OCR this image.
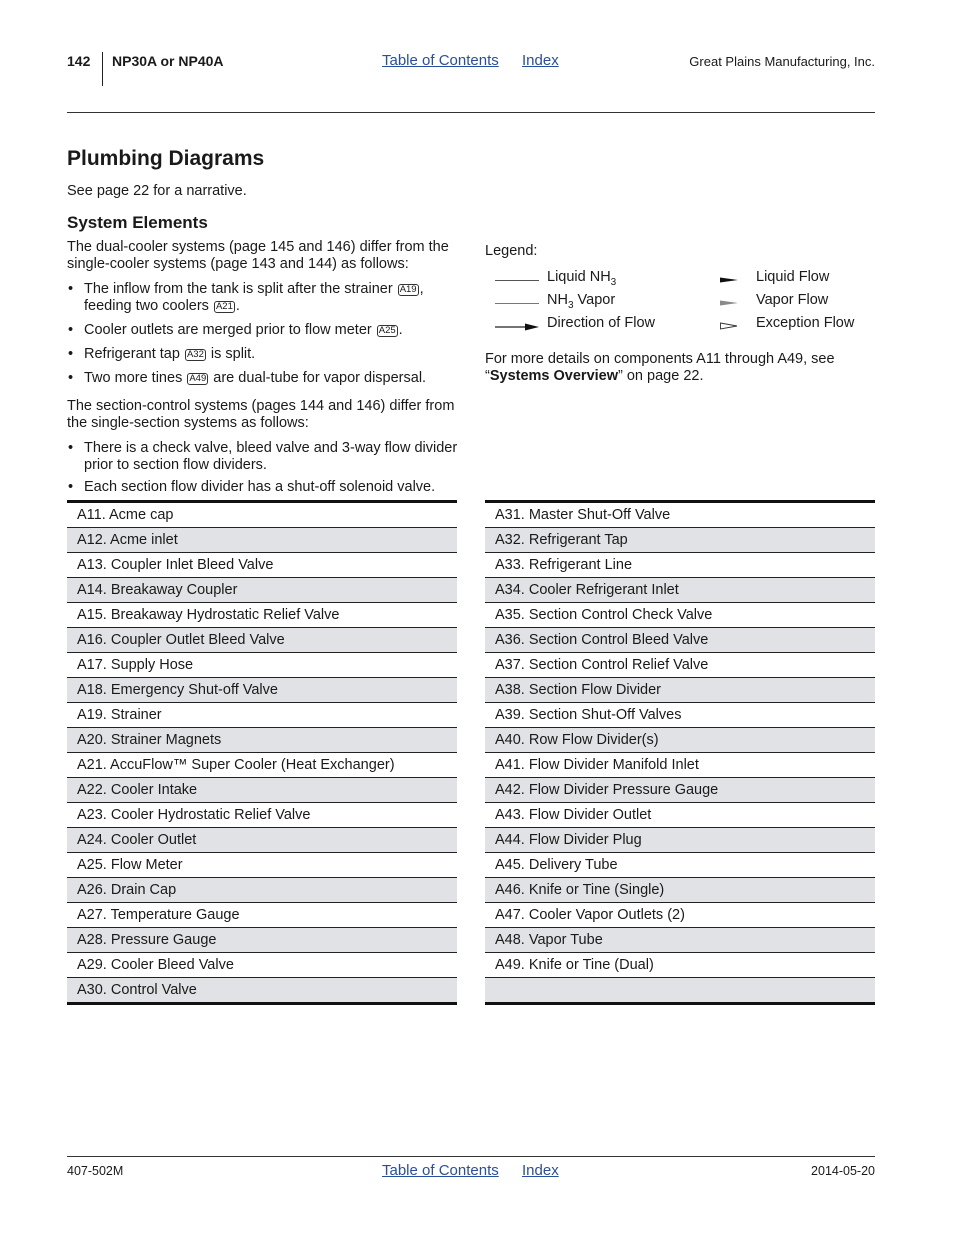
142 NP30A or NP40A	Table of Contents Index	Great Plains Manufacturing, Inc.
Plumbing Diagrams
See page 22 for a narrative.
System Elements
The dual-cooler systems (page 145 and 146) differ from the single-cooler systems (page 143 and 144) as follows:
• The inflow from the tank is split after the strainer A19 , feeding two coolers A21 .
• Cooler outlets are merged prior to flow meter A25 .
• Refrigerant tap A32 is split.
• Two more tines A49 are dual-tube for vapor dispersal.
The section-control systems (pages 144 and 146) differ from the single-section systems as follows:
• There is a check valve, bleed valve and 3-way flow divider prior to section flow dividers.
• Each section flow divider has a shut-off solenoid valve.
Legend:
Liquid $NH_3$
$NH_3$ Vapor
Direction of Flow
Liquid Flow
Vapor Flow
Exception Flow
For more details on components A11 through A49, see “Systems Overview” on page 22.
A11. Acme cap
A12. Acme inlet
A13. Coupler Inlet Bleed Valve
A14. Breakaway Coupler
A15. Breakaway Hydrostatic Relief Valve
A16. Coupler Outlet Bleed Valve
A17. Supply Hose
A18. Emergency Shut-off Valve
A19. Strainer
A20. Strainer Magnets
A21. AccuFlow™ Super Cooler (Heat Exchanger)
A22. Cooler Intake
A23. Cooler Hydrostatic Relief Valve
A24. Cooler Outlet
A25. Flow Meter
A26. Drain Cap
A27. Temperature Gauge
A28. Pressure Gauge
A29. Cooler Bleed Valve
A30. Control Valve
A31. Master Shut-Off Valve
A32. Refrigerant Tap
A33. Refrigerant Line
A34. Cooler Refrigerant Inlet
A35. Section Control Check Valve
A36. Section Control Bleed Valve
A37. Section Control Relief Valve
A38. Section Flow Divider
A39. Section Shut-Off Valves
A40. Row Flow Divider(s)
A41. Flow Divider Manifold Inlet
A42. Flow Divider Pressure Gauge
A43. Flow Divider Outlet
A44. Flow Divider Plug
A45. Delivery Tube
A46. Knife or Tine (Single)
A47. Cooler Vapor Outlets (2)
A48. Vapor Tube
A49. Knife or Tine (Dual)
407-502M	Table of Contents Index	2014-05-20
